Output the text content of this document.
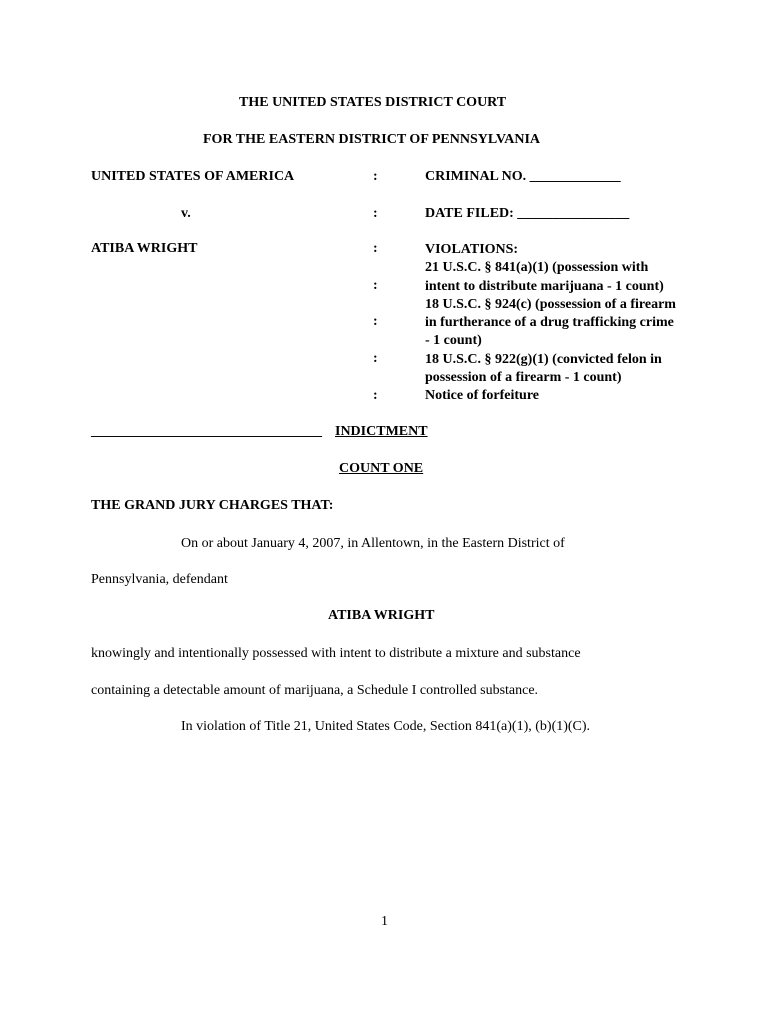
THE UNITED STATES DISTRICT COURT
FOR THE EASTERN DISTRICT OF PENNSYLVANIA
UNITED STATES OF AMERICA
v.
ATIBA WRIGHT
:
:
:
:
:
:
:
CRIMINAL NO. _____________
DATE FILED: ________________
VIOLATIONS:
21 U.S.C. § 841(a)(1) (possession with
intent to distribute marijuana - 1 count)
18 U.S.C. § 924(c) (possession of a firearm
in furtherance of a drug trafficking crime
- 1 count)
18 U.S.C. § 922(g)(1) (convicted felon in
possession of a firearm - 1 count)
Notice of forfeiture
_________________________________ INDICTMENT
COUNT ONE
THE GRAND JURY CHARGES THAT:
On or about January 4, 2007, in Allentown, in the Eastern District of
Pennsylvania, defendant
ATIBA WRIGHT
knowingly and intentionally possessed with intent to distribute a mixture and substance
containing a detectable amount of marijuana, a Schedule I controlled substance.
In violation of Title 21, United States Code, Section 841(a)(1), (b)(1)(C).
1
